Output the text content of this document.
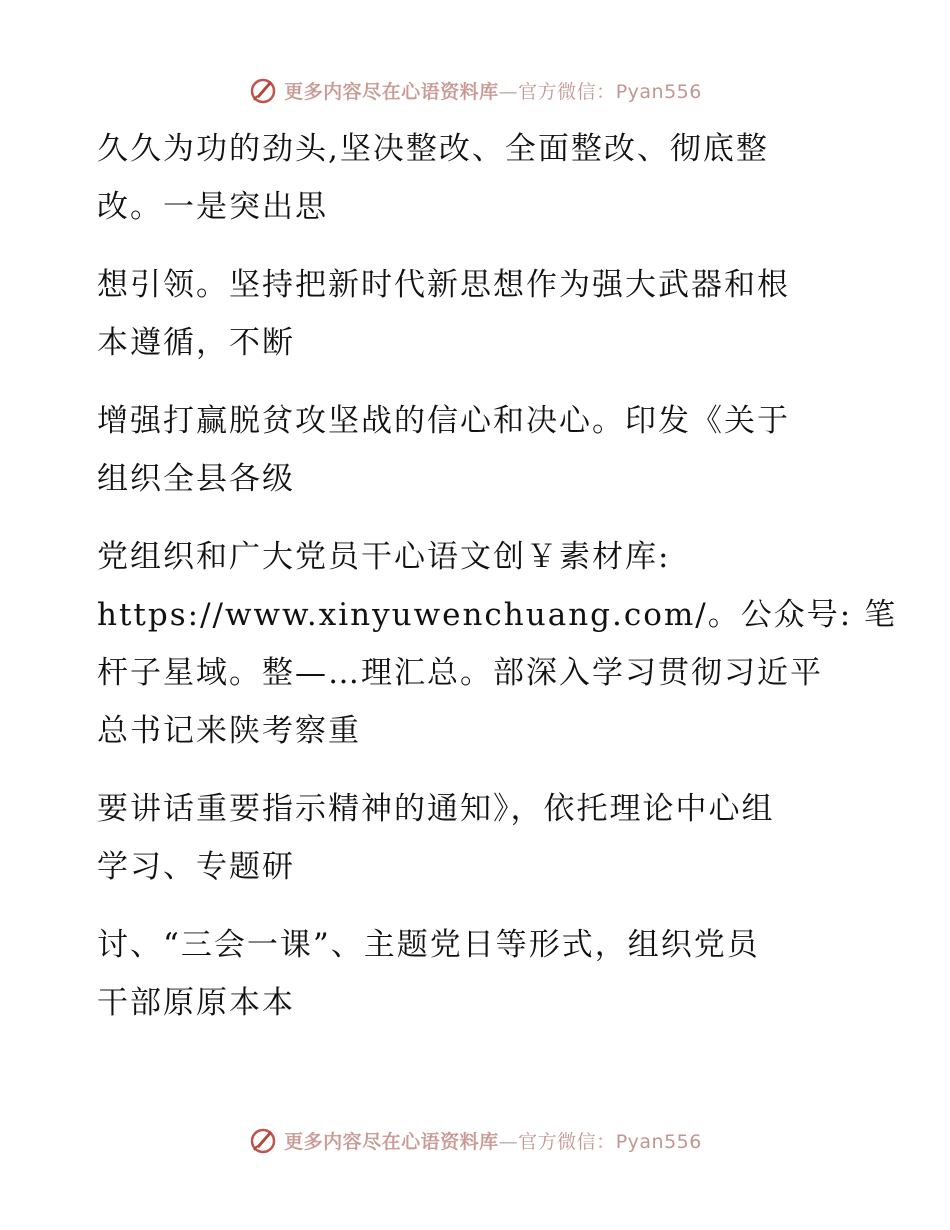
更多内容尽在心语资料库—官方微信：Pyan556

久久为功的劲头,坚决整改、全面整改、彻底整
改。一是突出思

想引领。坚持把新时代新思想作为强大武器和根
本遵循，不断

增强打赢脱贫攻坚战的信心和决心。印发《关于
组织全县各级

党组织和广大党员干心语文创￥素材库:
https://www.xinyuwenchuang.com/。公众号: 笔
杆子星域。整—…理汇总。部深入学习贯彻习近平
总书记来陕考察重

要讲话重要指示精神的通知》，依托理论中心组
学习、专题研

讨、“三会一课”、主题党日等形式，组织党员
干部原原本本

更多内容尽在心语资料库—官方微信：Pyan556
